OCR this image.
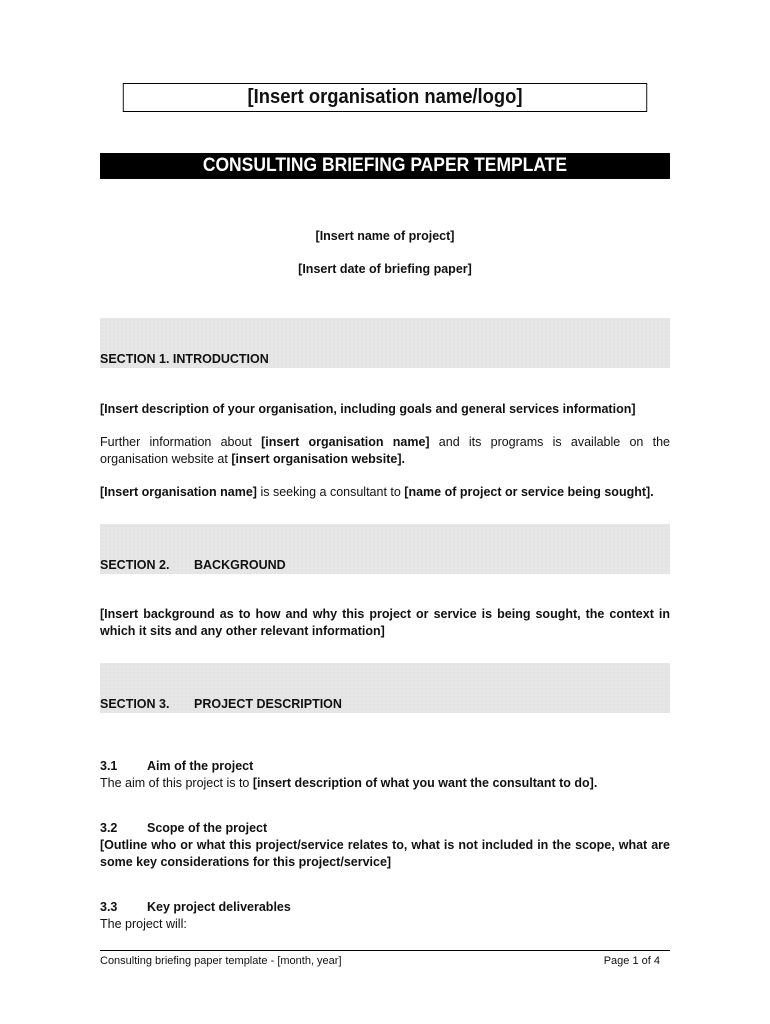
[Insert organisation name/logo]
CONSULTING BRIEFING PAPER TEMPLATE
[Insert name of project]
[Insert date of briefing paper]
SECTION 1. INTRODUCTION
[Insert description of your organisation, including goals and general services information]
Further information about [insert organisation name] and its programs is available on the organisation website at [insert organisation website].
[Insert organisation name] is seeking a consultant to [name of project or service being sought].
SECTION 2. BACKGROUND
[Insert background as to how and why this project or service is being sought, the context in which it sits and any other relevant information]
SECTION 3. PROJECT DESCRIPTION
3.1 Aim of the project
The aim of this project is to [insert description of what you want the consultant to do].
3.2 Scope of the project
[Outline who or what this project/service relates to, what is not included in the scope, what are some key considerations for this project/service]
3.3 Key project deliverables
The project will:
Consulting briefing paper template - [month, year]	Page 1 of 4
